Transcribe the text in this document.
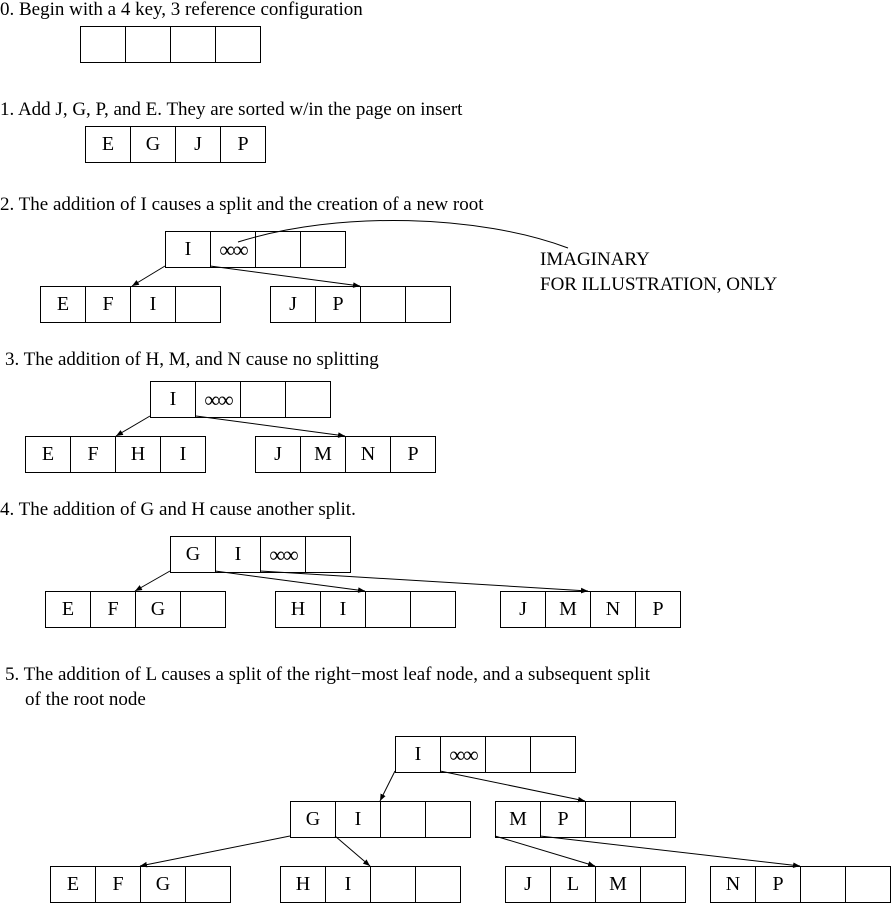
0. Begin with a 4 key, 3 reference configuration
1. Add J, G, P, and E. They are sorted w/in the page on insert
2. The addition of I causes a split and the creation of a new root
3. The addition of H, M, and N cause no splitting
4. The addition of G and H cause another split.
5. The addition of L causes a split of the right−most leaf node, and a subsequent split
of the root node
IMAGINARY
FOR ILLUSTRATION, ONLY
E G J P
I ∞∞
E F I	J P
I ∞∞
E F H I	J M N P
G I ∞∞
E F G	H I	J M N P
I ∞∞
G I	M P
E F G	H I	J L M	N P
